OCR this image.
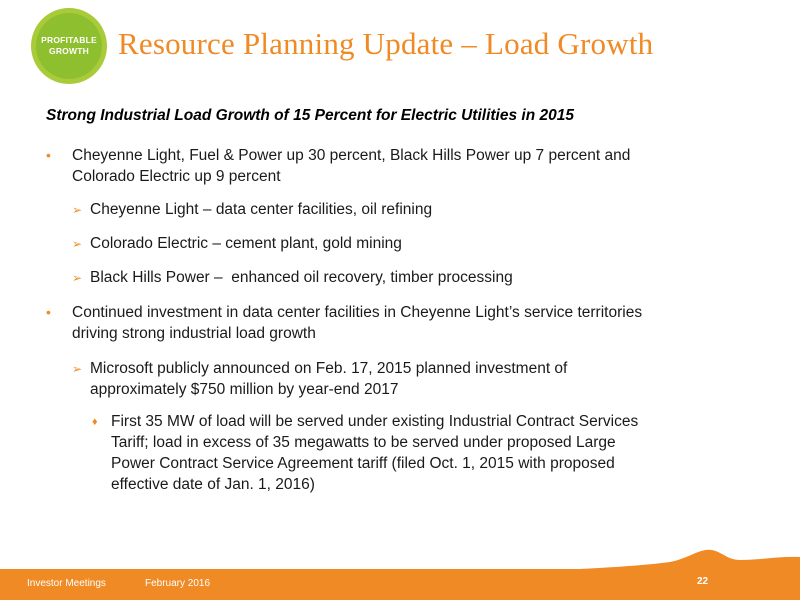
PROFITABLE
GROWTH Resource Planning Update – Load Growth
Strong Industrial Load Growth of 15 Percent for Electric Utilities in 2015
• Cheyenne Light, Fuel & Power up 30 percent, Black Hills Power up 7 percent and
Colorado Electric up 9 percent
➢ Cheyenne Light – data center facilities, oil refining
➢ Colorado Electric – cement plant, gold mining
➢ Black Hills Power –  enhanced oil recovery, timber processing
• Continued investment in data center facilities in Cheyenne Light’s service territories
driving strong industrial load growth
➢ Microsoft publicly announced on Feb. 17, 2015 planned investment of
approximately $750 million by year-end 2017
♦ First 35 MW of load will be served under existing Industrial Contract Services
Tariff; load in excess of 35 megawatts to be served under proposed Large
Power Contract Service Agreement tariff (filed Oct. 1, 2015 with proposed
effective date of Jan. 1, 2016)
Investor Meetings	February 2016	22
